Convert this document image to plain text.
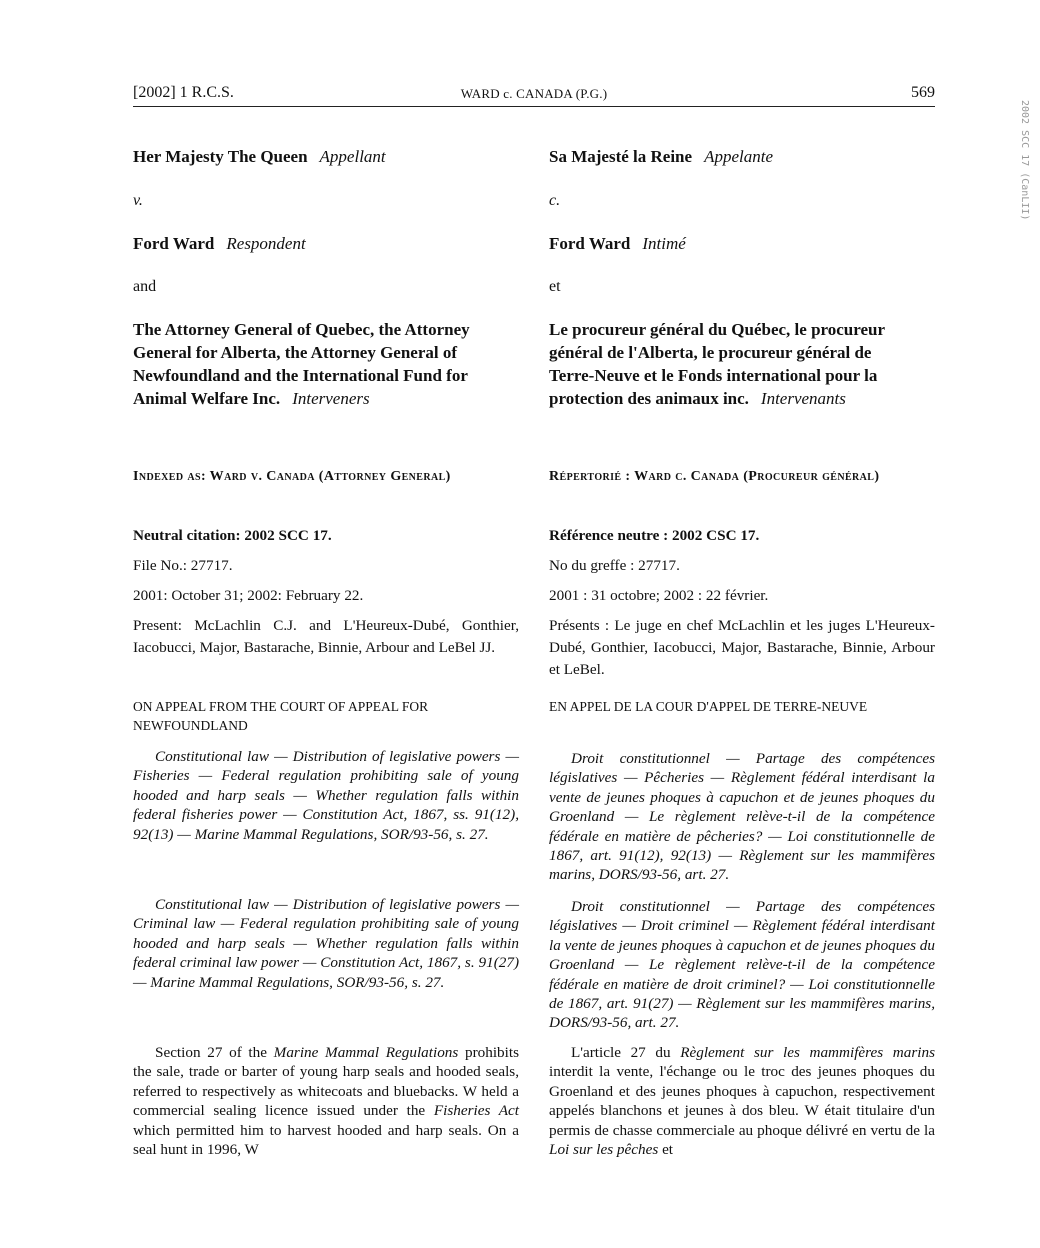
[2002] 1 R.C.S.	WARD c. CANADA (P.G.)	569
2002 SCC 17 (CanLII)

Her Majesty The Queen Appellant

v.

Ford Ward Respondent

and

The Attorney General of Quebec, the Attorney General for Alberta, the Attorney General of Newfoundland and the International Fund for Animal Welfare Inc. Interveners

Indexed as: Ward v. Canada (Attorney General)

Neutral citation: 2002 SCC 17.

File No.: 27717.

2001: October 31; 2002: February 22.

Present: McLachlin C.J. and L'Heureux-Dubé, Gonthier, Iacobucci, Major, Bastarache, Binnie, Arbour and LeBel JJ.

ON APPEAL FROM THE COURT OF APPEAL FOR NEWFOUNDLAND

Constitutional law — Distribution of legislative powers — Fisheries — Federal regulation prohibiting sale of young hooded and harp seals — Whether regulation falls within federal fisheries power — Constitution Act, 1867, ss. 91(12), 92(13) — Marine Mammal Regulations, SOR/93-56, s. 27.

Constitutional law — Distribution of legislative powers — Criminal law — Federal regulation prohibiting sale of young hooded and harp seals — Whether regulation falls within federal criminal law power — Constitution Act, 1867, s. 91(27) — Marine Mammal Regulations, SOR/93-56, s. 27.

Section 27 of the Marine Mammal Regulations prohibits the sale, trade or barter of young harp seals and hooded seals, referred to respectively as whitecoats and bluebacks. W held a commercial sealing licence issued under the Fisheries Act which permitted him to harvest hooded and harp seals. On a seal hunt in 1996, W

Sa Majesté la Reine Appelante

c.

Ford Ward Intimé

et

Le procureur général du Québec, le procureur général de l'Alberta, le procureur général de Terre-Neuve et le Fonds international pour la protection des animaux inc. Intervenants

Répertorié : Ward c. Canada (Procureur général)

Référence neutre : 2002 CSC 17.

No du greffe : 27717.

2001 : 31 octobre; 2002 : 22 février.

Présents : Le juge en chef McLachlin et les juges L'Heureux-Dubé, Gonthier, Iacobucci, Major, Bastarache, Binnie, Arbour et LeBel.

EN APPEL DE LA COUR D'APPEL DE TERRE-NEUVE

Droit constitutionnel — Partage des compétences législatives — Pêcheries — Règlement fédéral interdisant la vente de jeunes phoques à capuchon et de jeunes phoques du Groenland — Le règlement relève-t-il de la compétence fédérale en matière de pêcheries? — Loi constitutionnelle de 1867, art. 91(12), 92(13) — Règlement sur les mammifères marins, DORS/93-56, art. 27.

Droit constitutionnel — Partage des compétences législatives — Droit criminel — Règlement fédéral interdisant la vente de jeunes phoques à capuchon et de jeunes phoques du Groenland — Le règlement relève-t-il de la compétence fédérale en matière de droit criminel? — Loi constitutionnelle de 1867, art. 91(27) — Règlement sur les mammifères marins, DORS/93-56, art. 27.

L'article 27 du Règlement sur les mammifères marins interdit la vente, l'échange ou le troc des jeunes phoques du Groenland et des jeunes phoques à capuchon, respectivement appelés blanchons et jeunes à dos bleu. W était titulaire d'un permis de chasse commerciale au phoque délivré en vertu de la Loi sur les pêches et
